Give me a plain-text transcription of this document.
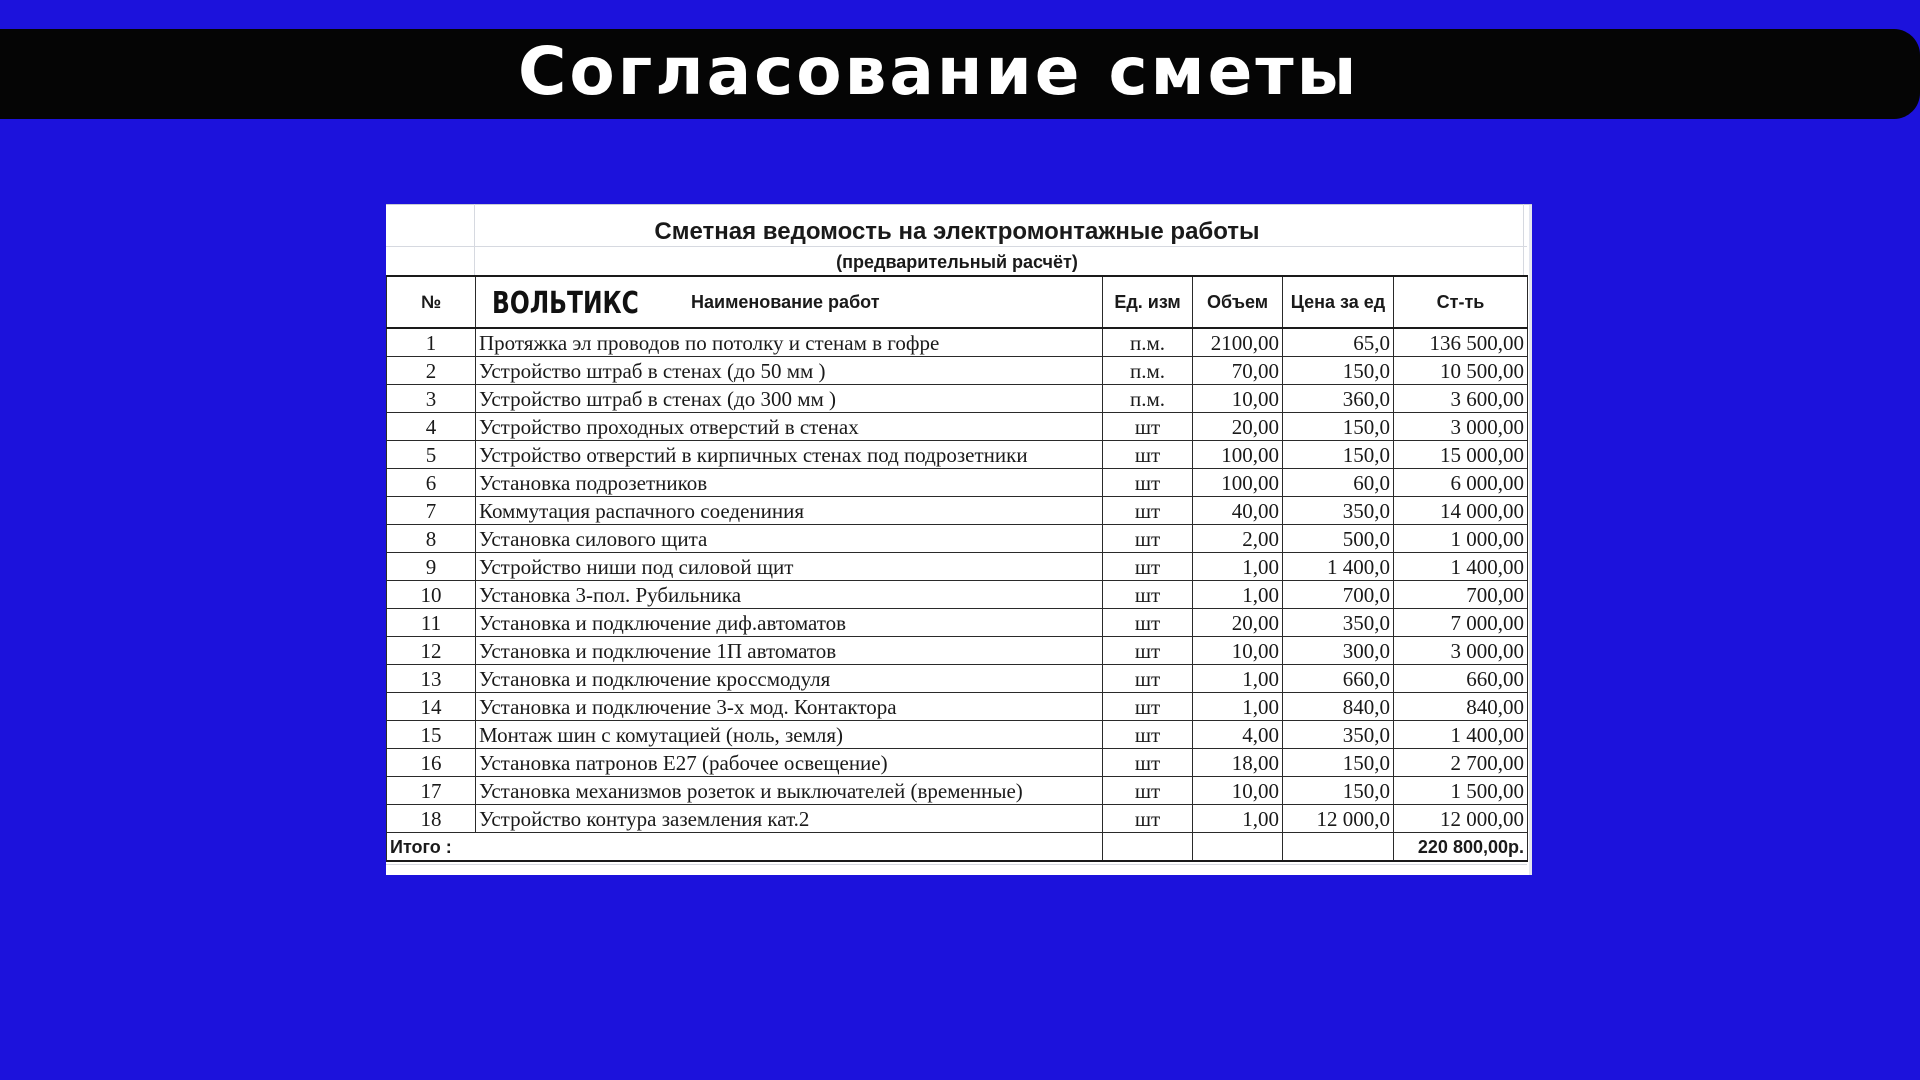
Согласование сметы
Сметная ведомость на электромонтажные работы

(предварительный расчёт)

№	ВОЛЬТИКС Наименование работ	Ед. изм	Объем	Цена за ед	Ст-ть
1	Протяжка эл проводов по потолку и стенам в гофре	п.м.	2100,00	65,0	136 500,00
2	Устройство штраб в стенах (до 50 мм )	п.м.	70,00	150,0	10 500,00
3	Устройство штраб в стенах (до 300 мм )	п.м.	10,00	360,0	3 600,00
4	Устройство проходных отверстий в стенах	шт	20,00	150,0	3 000,00
5	Устройство отверстий в кирпичных стенах под подрозетники	шт	100,00	150,0	15 000,00
6	Установка подрозетников	шт	100,00	60,0	6 000,00
7	Коммутация распачного соедениния	шт	40,00	350,0	14 000,00
8	Установка силового щита	шт	2,00	500,0	1 000,00
9	Устройство ниши под силовой щит	шт	1,00	1 400,0	1 400,00
10	Установка 3-пол. Рубильника	шт	1,00	700,0	700,00
11	Установка и подключение диф.автоматов	шт	20,00	350,0	7 000,00
12	Установка и подключение 1П автоматов	шт	10,00	300,0	3 000,00
13	Установка и подключение кроссмодуля	шт	1,00	660,0	660,00
14	Установка и подключение 3-х мод. Контактора	шт	1,00	840,0	840,00
15	Монтаж шин с комутацией (ноль, земля)	шт	4,00	350,0	1 400,00
16	Установка патронов Е27 (рабочее освещение)	шт	18,00	150,0	2 700,00
17	Установка механизмов розеток и выключателей (временные)	шт	10,00	150,0	1 500,00
18	Устройство контура заземления кат.2	шт	1,00	12 000,0	12 000,00
Итого :					220 800,00р.
